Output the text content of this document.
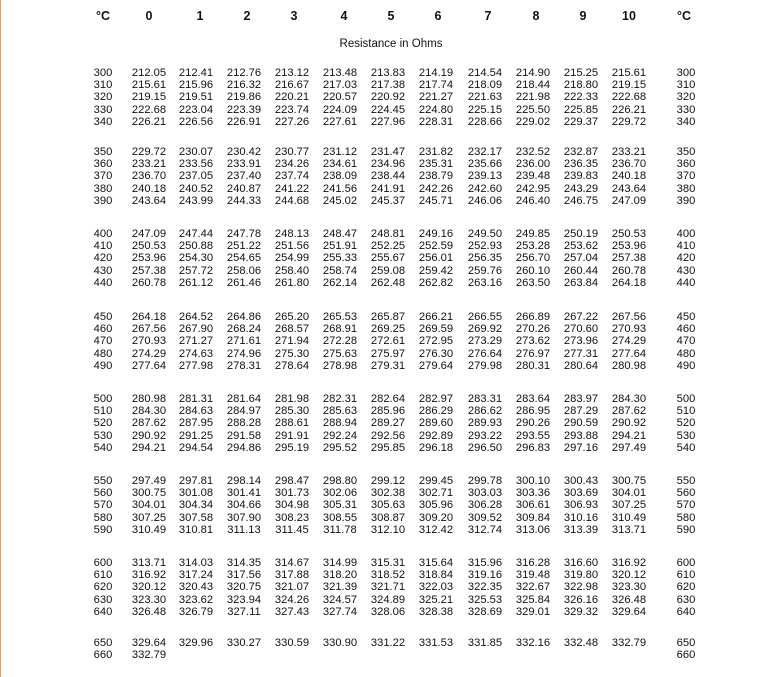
°C	0	1	2	3	4	5	6	7	8	9	10	°C
Resistance in Ohms
300 212.05 212.41 212.76 213.12 213.48 213.83 214.19 214.54 214.90 215.25 215.61	300
310 215.61 215.96 216.32 216.67 217.03 217.38 217.74 218.09 218.44 218.80 219.15	310
320 219.15 219.51 219.86 220.21 220.57 220.92 221.27 221.63 221.98 222.33 222.68	320
330 222.68 223.04 223.39 223.74 224.09 224.45 224.80 225.15 225.50 225.85 226.21	330
340 226.21 226.56 226.91 227.26 227.61 227.96 228.31 228.66 229.02 229.37 229.72	340
350 229.72 230.07 230.42 230.77 231.12 231.47 231.82 232.17 232.52 232.87 233.21	350
360 233.21 233.56 233.91 234.26 234.61 234.96 235.31 235.66 236.00 236.35 236.70	360
370 236.70 237.05 237.40 237.74 238.09 238.44 238.79 239.13 239.48 239.83 240.18	370
380 240.18 240.52 240.87 241.22 241.56 241.91 242.26 242.60 242.95 243.29 243.64	380
390 243.64 243.99 244.33 244.68 245.02 245.37 245.71 246.06 246.40 246.75 247.09	390
400 247.09 247.44 247.78 248.13 248.47 248.81 249.16 249.50 249.85 250.19 250.53	400
410 250.53 250.88 251.22 251.56 251.91 252.25 252.59 252.93 253.28 253.62 253.96	410
420 253.96 254.30 254.65 254.99 255.33 255.67 256.01 256.35 256.70 257.04 257.38	420
430 257.38 257.72 258.06 258.40 258.74 259.08 259.42 259.76 260.10 260.44 260.78	430
440 260.78 261.12 261.46 261.80 262.14 262.48 262.82 263.16 263.50 263.84 264.18	440
450 264.18 264.52 264.86 265.20 265.53 265.87 266.21 266.55 266.89 267.22 267.56	450
460 267.56 267.90 268.24 268.57 268.91 269.25 269.59 269.92 270.26 270.60 270.93	460
470 270.93 271.27 271.61 271.94 272.28 272.61 272.95 273.29 273.62 273.96 274.29	470
480 274.29 274.63 274.96 275.30 275.63 275.97 276.30 276.64 276.97 277.31 277.64	480
490 277.64 277.98 278.31 278.64 278.98 279.31 279.64 279.98 280.31 280.64 280.98	490
500 280.98 281.31 281.64 281.98 282.31 282.64 282.97 283.31 283.64 283.97 284.30	500
510 284.30 284.63 284.97 285.30 285.63 285.96 286.29 286.62 286.95 287.29 287.62	510
520 287.62 287.95 288.28 288.61 288.94 289.27 289.60 289.93 290.26 290.59 290.92	520
530 290.92 291.25 291.58 291.91 292.24 292.56 292.89 293.22 293.55 293.88 294.21	530
540 294.21 294.54 294.86 295.19 295.52 295.85 296.18 296.50 296.83 297.16 297.49	540
550 297.49 297.81 298.14 298.47 298.80 299.12 299.45 299.78 300.10 300.43 300.75	550
560 300.75 301.08 301.41 301.73 302.06 302.38 302.71 303.03 303.36 303.69 304.01	560
570 304.01 304.34 304.66 304.98 305.31 305.63 305.96 306.28 306.61 306.93 307.25	570
580 307.25 307.58 307.90 308.23 308.55 308.87 309.20 309.52 309.84 310.16 310.49	580
590 310.49 310.81 311.13 311.45 311.78 312.10 312.42 312.74 313.06 313.39 313.71	590
600 313.71 314.03 314.35 314.67 314.99 315.31 315.64 315.96 316.28 316.60 316.92	600
610 316.92 317.24 317.56 317.88 318.20 318.52 318.84 319.16 319.48 319.80 320.12	610
620 320.12 320.43 320.75 321.07 321.39 321.71 322.03 322.35 322.67 322.98 323.30	620
630 323.30 323.62 323.94 324.26 324.57 324.89 325.21 325.53 325.84 326.16 326.48	630
640 326.48 326.79 327.11 327.43 327.74 328.06 328.38 328.69 329.01 329.32 329.64	640
650 329.64 329.96 330.27 330.59 330.90 331.22 331.53 331.85 332.16 332.48 332.79	650
660 332.79	660
